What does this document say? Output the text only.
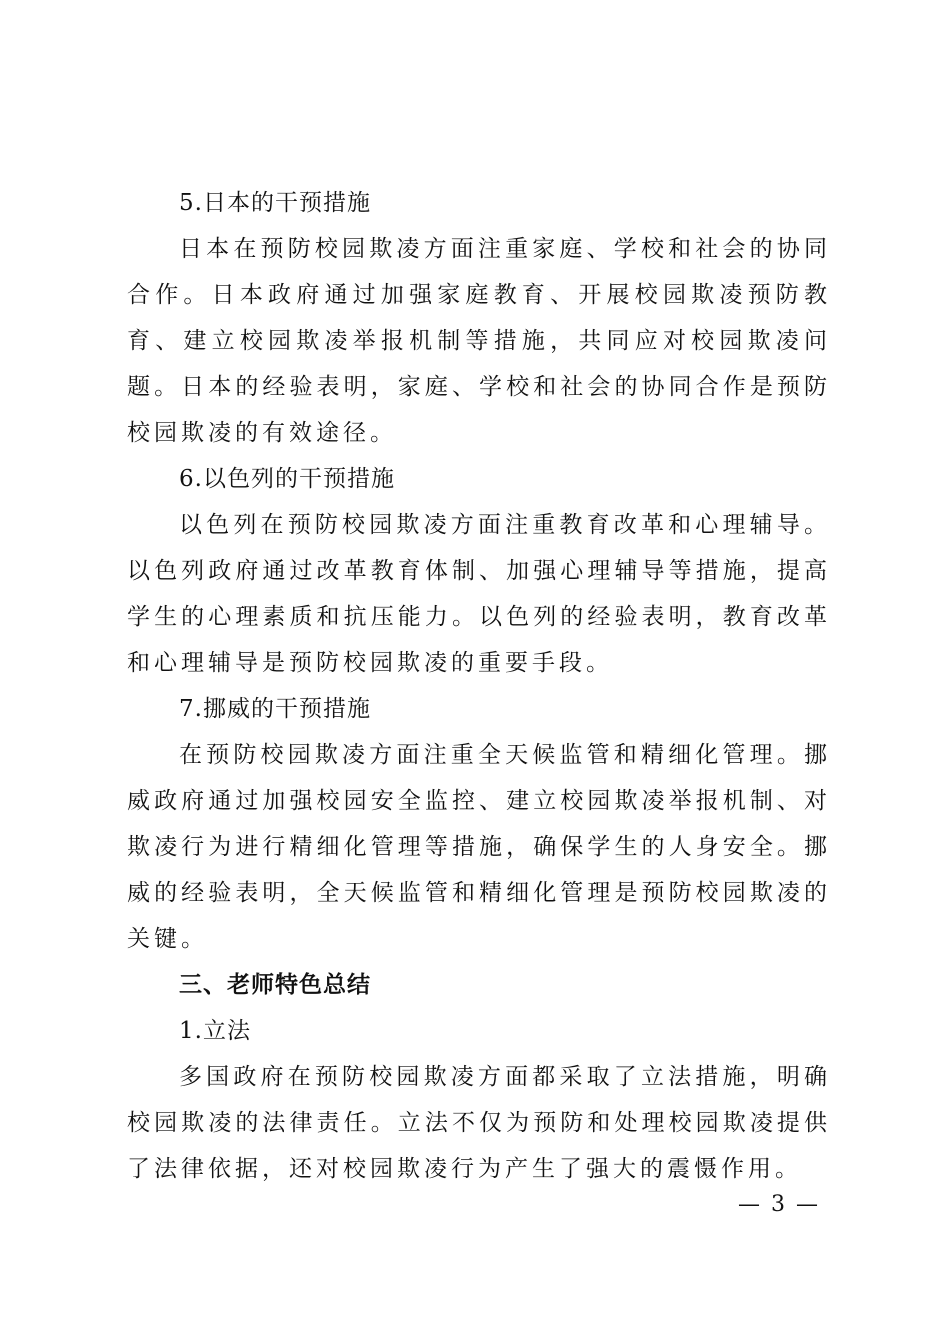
5.日本的干预措施

日本在预防校园欺凌方面注重家庭、学校和社会的协同合作。日本政府通过加强家庭教育、开展校园欺凌预防教育、建立校园欺凌举报机制等措施，共同应对校园欺凌问题。日本的经验表明，家庭、学校和社会的协同合作是预防校园欺凌的有效途径。

6.以色列的干预措施

以色列在预防校园欺凌方面注重教育改革和心理辅导。以色列政府通过改革教育体制、加强心理辅导等措施，提高学生的心理素质和抗压能力。以色列的经验表明，教育改革和心理辅导是预防校园欺凌的重要手段。

7.挪威的干预措施

在预防校园欺凌方面注重全天候监管和精细化管理。挪威政府通过加强校园安全监控、建立校园欺凌举报机制、对欺凌行为进行精细化管理等措施，确保学生的人身安全。挪威的经验表明，全天候监管和精细化管理是预防校园欺凌的关键。

三、老师特色总结

1.立法

多国政府在预防校园欺凌方面都采取了立法措施，明确校园欺凌的法律责任。立法不仅为预防和处理校园欺凌提供了法律依据，还对校园欺凌行为产生了强大的震慑作用。

— 3 —
